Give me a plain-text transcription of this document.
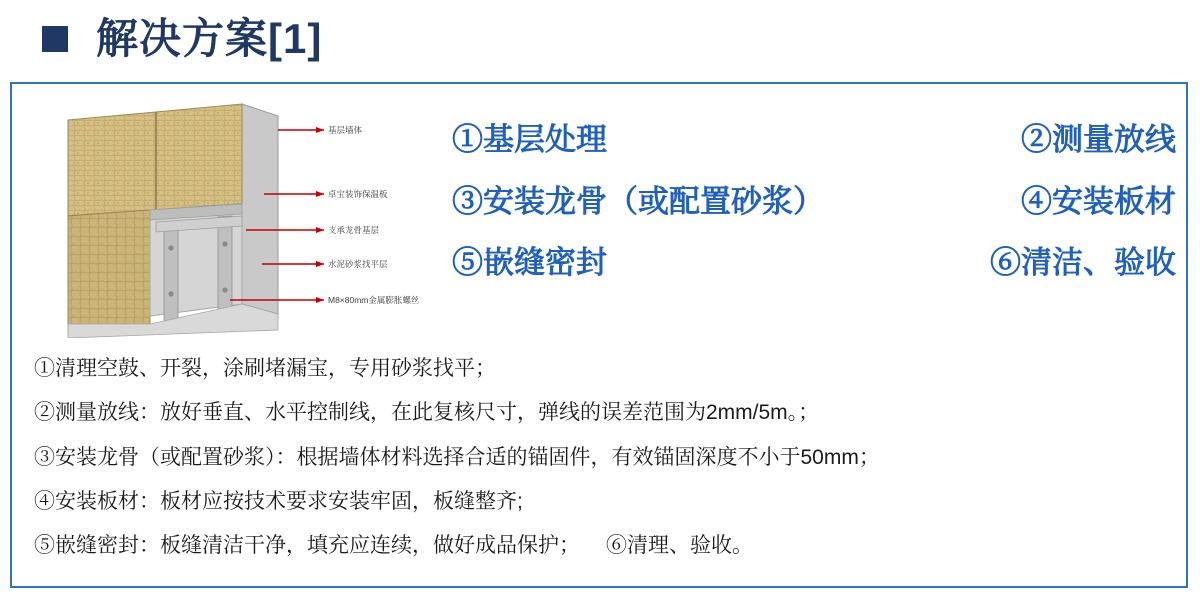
解决方案[1]
基层墙体
卓宝装饰保温板
支承龙骨基层
水泥砂浆找平层
M8×80mm金属膨胀螺丝
①基层处理	②测量放线
③安装龙骨（或配置砂浆）	④安装板材
⑤嵌缝密封	⑥清洁、验收
①清理空鼓、开裂，涂刷堵漏宝，专用砂浆找平；
②测量放线：放好垂直、水平控制线，在此复核尺寸，弹线的误差范围为2mm/5m。；
③安装龙骨（或配置砂浆）：根据墙体材料选择合适的锚固件，有效锚固深度不小于50mm；
④安装板材：板材应按技术要求安装牢固，板缝整齐;
⑤嵌缝密封：板缝清洁干净，填充应连续，做好成品保护； ⑥清理、验收。
